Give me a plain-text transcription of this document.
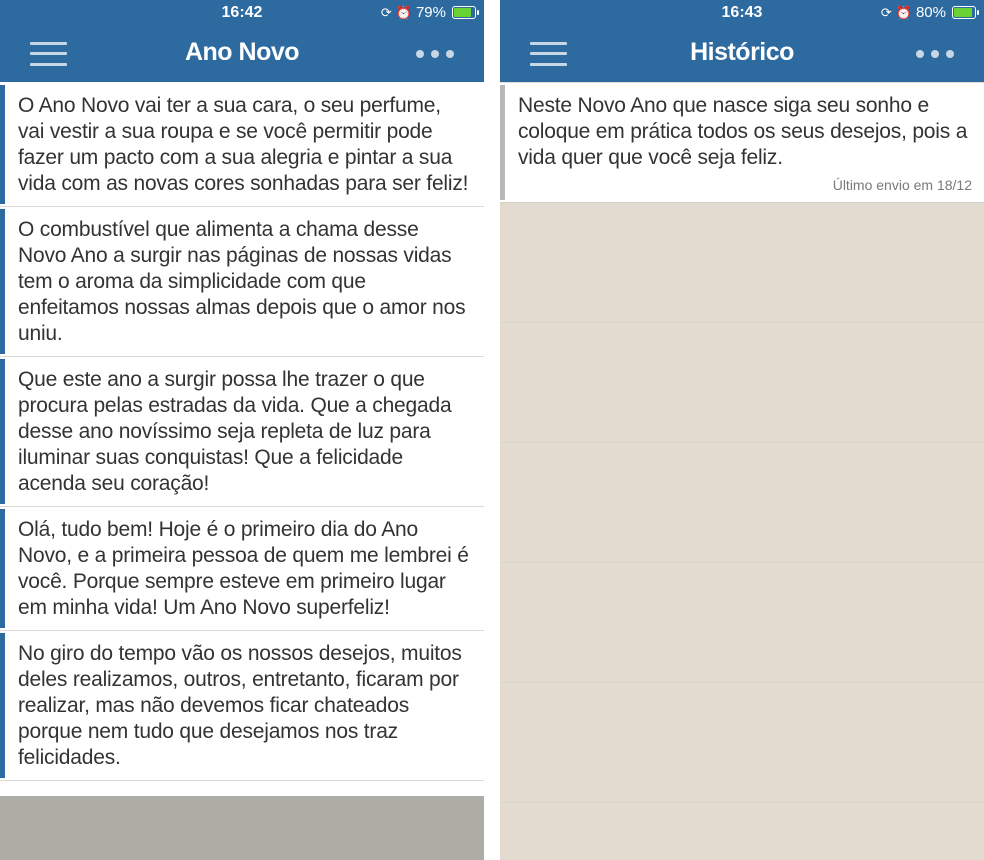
16:42	⟳ ⏰ 79%
Ano Novo
O Ano Novo vai ter a sua cara, o seu perfume, vai vestir a sua roupa e se você permitir pode fazer um pacto com a sua alegria e pintar a sua vida com as novas cores sonhadas para ser feliz!
O combustível que alimenta a chama desse Novo Ano a surgir nas páginas de nossas vidas tem o aroma da simplicidade com que enfeitamos nossas almas depois que o amor nos uniu.
Que este ano a surgir possa lhe trazer o que procura pelas estradas da vida. Que a chegada desse ano novíssimo seja repleta de luz para iluminar suas conquistas! Que a felicidade acenda seu coração!
Olá, tudo bem! Hoje é o primeiro dia do Ano Novo, e a primeira pessoa de quem me lembrei é você. Porque sempre esteve em primeiro lugar em minha vida! Um Ano Novo superfeliz!
No giro do tempo vão os nossos desejos, muitos deles realizamos, outros, entretanto, ficaram por realizar, mas não devemos ficar chateados porque nem tudo que desejamos nos traz felicidades.
16:43	⟳ ⏰ 80%
Histórico
Neste Novo Ano que nasce siga seu sonho e coloque em prática todos os seus desejos, pois a vida quer que você seja feliz.
Último envio em 18/12
